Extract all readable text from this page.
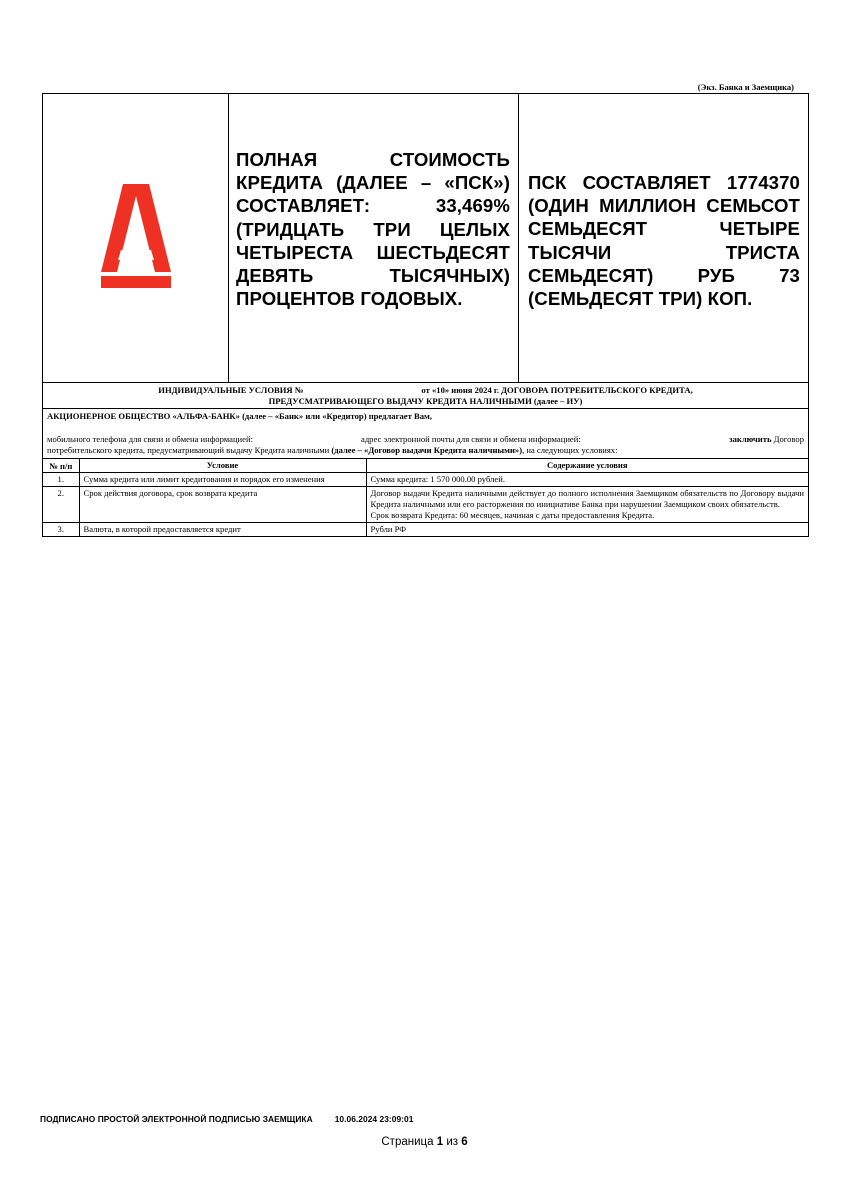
(Экз. Банка и Заемщика)

ПОЛНАЯ СТОИМОСТЬ КРЕДИТА (ДАЛЕЕ – «ПСК») СОСТАВЛЯЕТ: 33,469% (ТРИДЦАТЬ ТРИ ЦЕЛЫХ ЧЕТЫРЕСТА ШЕСТЬДЕСЯТ ДЕВЯТЬ ТЫСЯЧНЫХ) ПРОЦЕНТОВ ГОДОВЫХ.

ПСК СОСТАВЛЯЕТ 1774370 (ОДИН МИЛЛИОН СЕМЬСОТ СЕМЬДЕСЯТ ЧЕТЫРЕ ТЫСЯЧИ ТРИСТА СЕМЬДЕСЯТ) РУБ 73 (СЕМЬДЕСЯТ ТРИ) КОП.

ИНДИВИДУАЛЬНЫЕ УСЛОВИЯ №	от «10» июня 2024 г. ДОГОВОРА ПОТРЕБИТЕЛЬСКОГО КРЕДИТА,
ПРЕДУСМАТРИВАЮЩЕГО ВЫДАЧУ КРЕДИТА НАЛИЧНЫМИ (далее – ИУ)
АКЦИОНЕРНОЕ ОБЩЕСТВО «АЛЬФА-БАНК» (далее – «Банк» или «Кредитор) предлагает Вам,
мобильного телефона для связи и обмена информацией:	адрес электронной почты для связи и обмена информацией:	заключить Договор
потребительского кредита, предусматривающий выдачу Кредита наличными (далее – «Договор выдачи Кредита наличными»), на следующих условиях:
№ п/п	Условие	Содержание условия
1.	Сумма кредита или лимит кредитования и порядок его изменения	Сумма кредита: 1 570 000.00 рублей.
2.	Срок действия договора, срок возврата кредита	Договор выдачи Кредита наличными действует до полного исполнения Заемщиком обязательств по Договору выдачи Кредита наличными или его расторжения по инициативе Банка при нарушении Заемщиком своих обязательств.
Срок возврата Кредита: 60 месяцев, начиная с даты предоставления Кредита.

3.	Валюта, в которой предоставляется кредит	Рубли РФ
ПОДПИСАНО ПРОСТОЙ ЭЛЕКТРОННОЙ ПОДПИСЬЮ ЗАЕМЩИКА	10.06.2024 23:09:01
Страница 1 из 6
